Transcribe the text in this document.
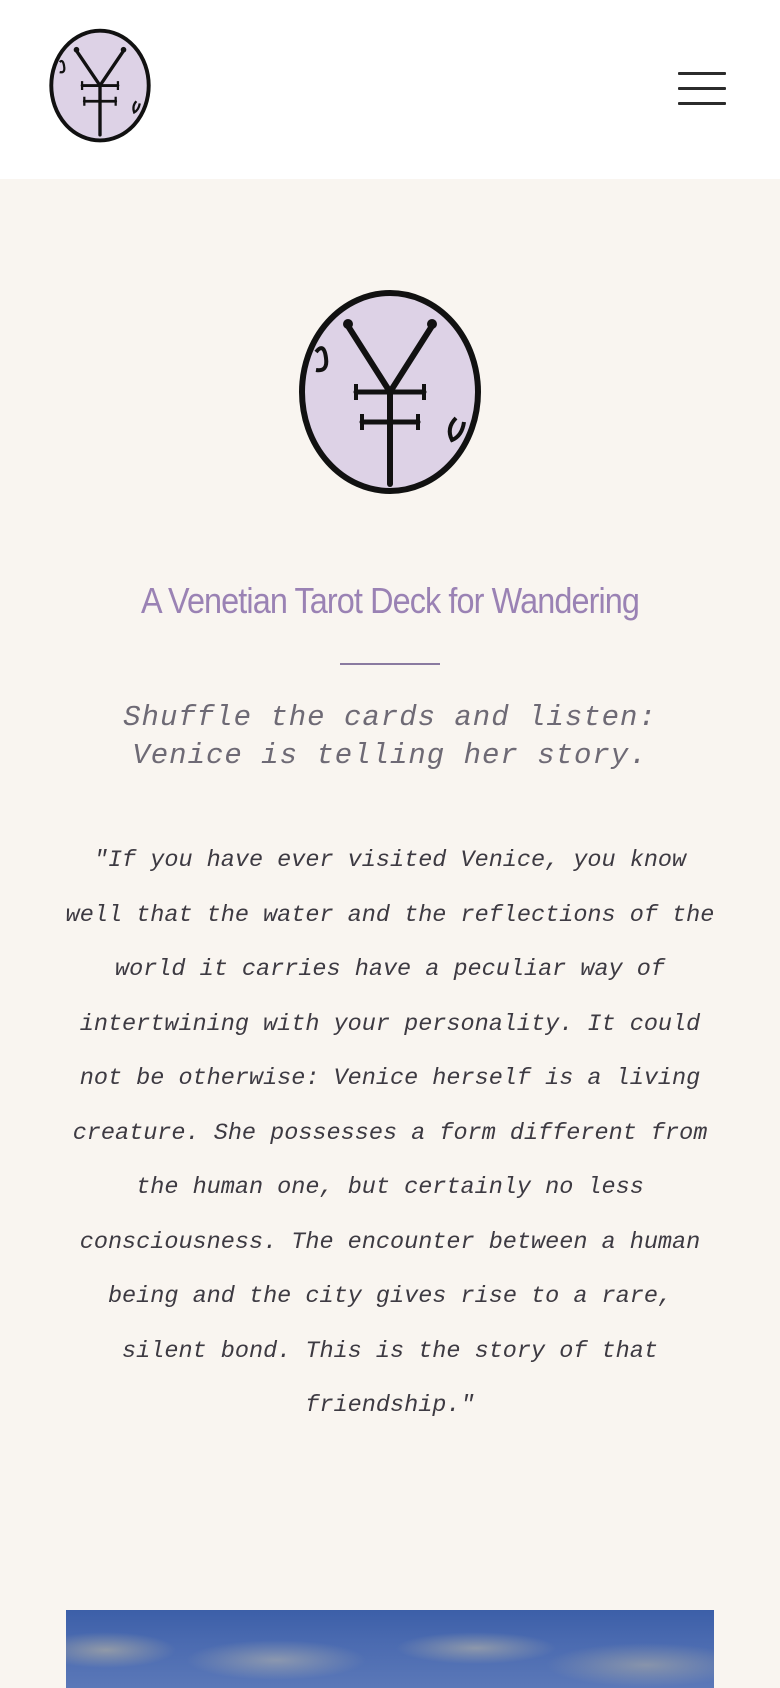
A Venetian Tarot Deck for Wandering

Shuffle the cards and listen: Venice is telling her story.

"If you have ever visited Venice, you know well that the water and the reflections of the world it carries have a peculiar way of intertwining with your personality. It could not be otherwise: Venice herself is a living creature. She possesses a form different from the human one, but certainly no less consciousness. The encounter between a human being and the city gives rise to a rare, silent bond. This is the story of that friendship."
